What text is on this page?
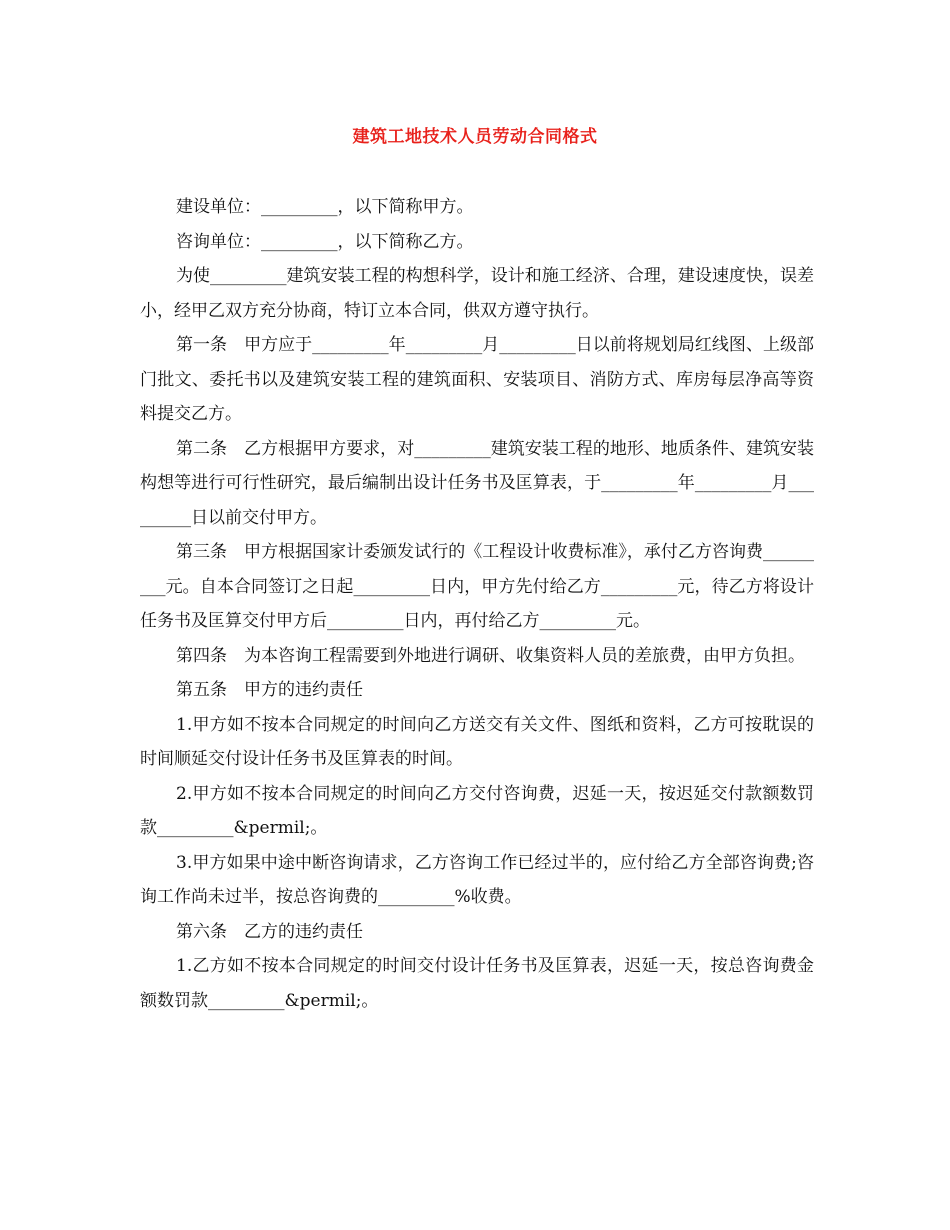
建筑工地技术人员劳动合同格式

建设单位：_________，以下简称甲方。

咨询单位：_________，以下简称乙方。

为使_________建筑安装工程的构想科学，设计和施工经济、合理，建设速度快，误差小，经甲乙双方充分协商，特订立本合同，供双方遵守执行。

第一条　甲方应于_________年_________月_________日以前将规划局红线图、上级部门批文、委托书以及建筑安装工程的建筑面积、安装项目、消防方式、库房每层净高等资料提交乙方。

第二条　乙方根据甲方要求，对_________建筑安装工程的地形、地质条件、建筑安装构想等进行可行性研究，最后编制出设计任务书及匡算表，于_________年_________月_________日以前交付甲方。

第三条　甲方根据国家计委颁发试行的《工程设计收费标准》，承付乙方咨询费_________元。自本合同签订之日起_________日内，甲方先付给乙方_________元，待乙方将设计任务书及匡算交付甲方后_________日内，再付给乙方_________元。

第四条　为本咨询工程需要到外地进行调研、收集资料人员的差旅费，由甲方负担。

第五条　甲方的违约责任

1.甲方如不按本合同规定的时间向乙方送交有关文件、图纸和资料，乙方可按耽误的时间顺延交付设计任务书及匡算表的时间。

2.甲方如不按本合同规定的时间向乙方交付咨询费，迟延一天，按迟延交付款额数罚款_________&permil;。

3.甲方如果中途中断咨询请求，乙方咨询工作已经过半的，应付给乙方全部咨询费;咨询工作尚未过半，按总咨询费的_________%收费。

第六条　乙方的违约责任

1.乙方如不按本合同规定的时间交付设计任务书及匡算表，迟延一天，按总咨询费金额数罚款_________&permil;。
